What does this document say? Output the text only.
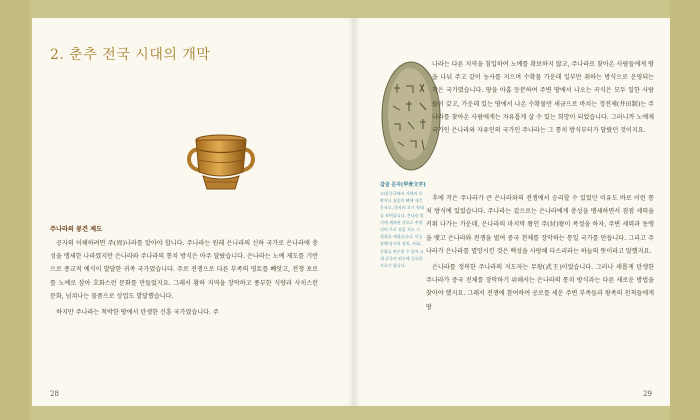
2. 춘추 전국 시대의 개막
주나라의 봉건 제도

공자의 이해하려면 주(周)나라를 알아야 합니다. 주나라는 원래 은나라의 신하 국가로 은나라에 충성을 맹세한 나라였지만 은나라와 주나라의 통치 방식은 아주 달랐습니다. 은나라는 노예 제도를 기반으로 종교적 예식이 발달한 귀족 국가였습니다. 주로 전쟁으로 다른 부족의 영토를 빼앗고, 전쟁 포로를 노예로 삼아 호화스런 문화를 만들었지요. 그래서 황하 지역을 장악하고 풍부한 식량과 사치스런 문화, 넘쳐나는 물품으로 상업도 발달했습니다.

하지만 주나라는 척박한 땅에서 탄생한 신흥 국가였습니다. 주

28
갑골 문자(甲骨文字)

고대 중국에서 거북의 등딱지나 짐승의 뼈에 새긴 문자로, 한자의 초기 형태를 보여줍니다. 은나라 말기에 제작된 것으로 추정되며 주로 점을 치고 그 결과를 새겼습니다. 이를 통해 당시의 정치, 사회, 문화를 연구할 수 있어 고대 중국사 연구에 중요한 자료가 됩니다.

나라는 다른 지역을 침입하여 노예를 확보하지 않고, 주나라로 찾아온 사람들에게 땅을 나눠 주고 같이 농사를 지으며 수확물 가운데 일부만 취하는 방식으로 운영되는 작은 국가였습니다. 땅을 아홉 등분하여 주변 땅에서 나오는 곡식은 모두 일한 사람들이 갖고, 가운데 있는 땅에서 나온 수확물만 세금으로 바치는 정전제(井田制)는 주나라를 찾아온 사람에게는 자유롭게 살 수 있는 희망이 되었습니다. 그러니까 노예제 국가인 은나라와 자유인의 국가인 주나라는 그 통치 방식부터가 달랐던 것이지요.

후에 작은 주나라가 큰 은나라와의 전쟁에서 승리할 수 있었던 이유도 바로 이런 통치 방식에 있었습니다. 주나라는 겉으로는 은나라에게 충성을 맹세하면서 점점 세력을 키워 나가는 가운데, 은나라의 마지막 왕인 주(紂)왕이 폭정을 하자, 주변 세력과 동맹을 맺고 은나라와 전쟁을 벌여 중국 천체를 장악하는 통일 국가를 만듭니다. 그리고 주나라가 은나라를 멸망시킨 것은 백성을 사랑해 다스리라는 하늘의 뜻이라고 말했지요.

은나라를 정복한 주나라의 지도자는 무왕(武王)이었습니다. 그러나 새롭게 탄생한 주나라가 중국 전체를 장악하기 위해서는 은나라의 통치 방식과는 다른 새로운 방법을 찾아야 했지요. 그래서 전쟁에 참여하여 공로를 세운 주변 부족들과 왕족의 친척들에게 땅

29
